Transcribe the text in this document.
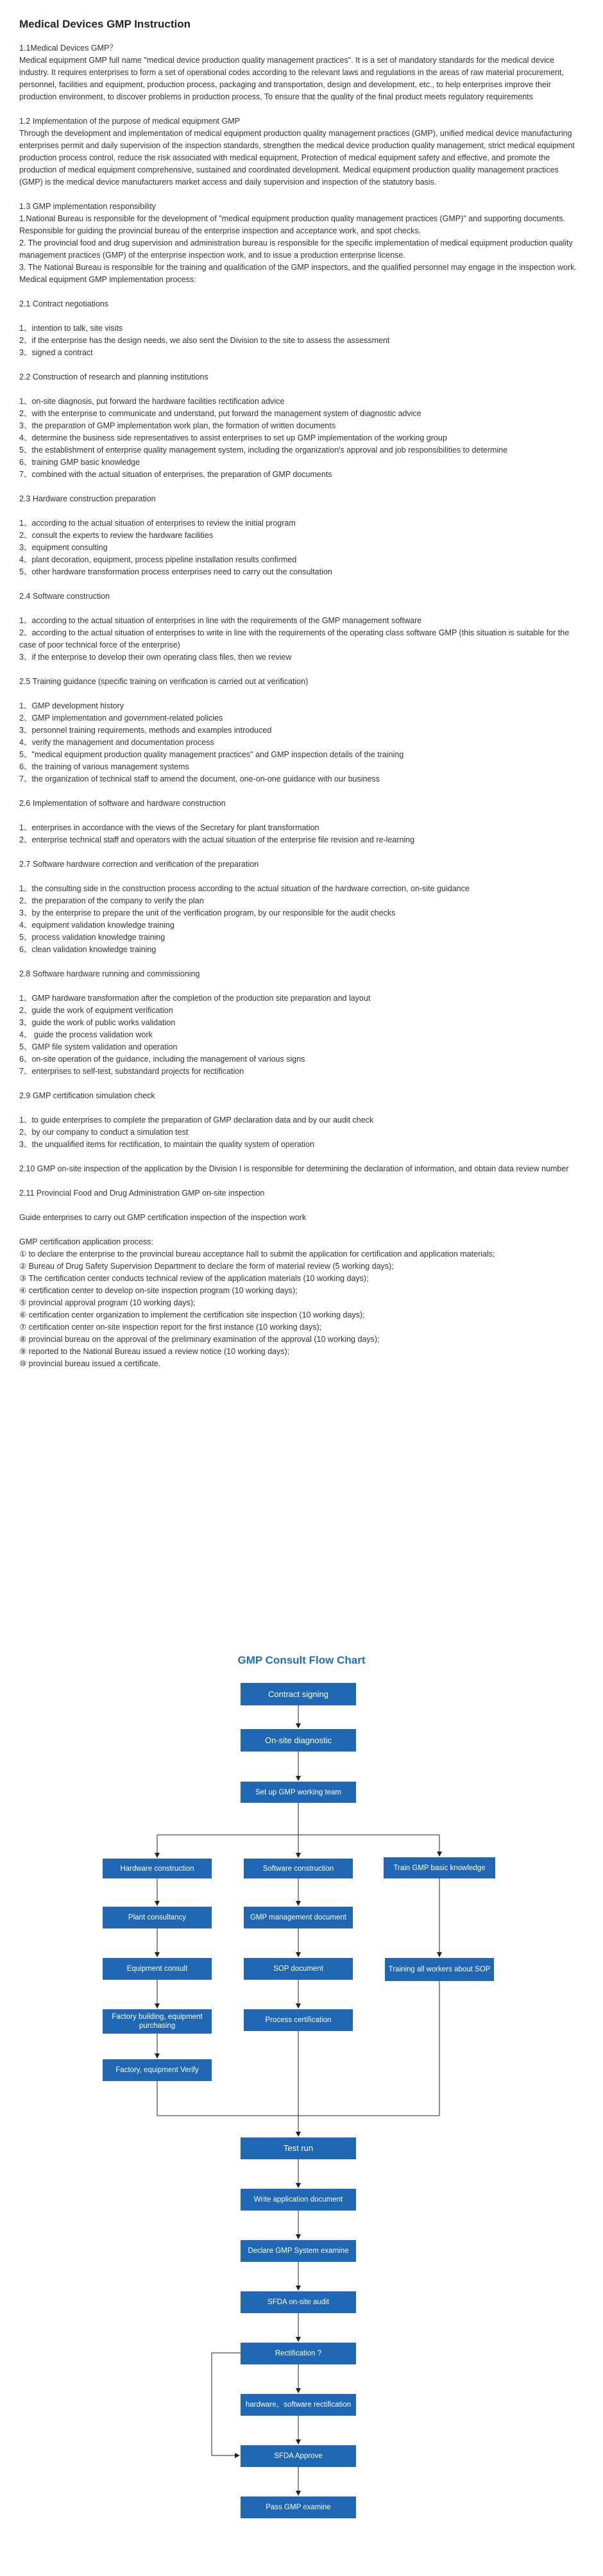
Medical Devices GMP Instruction
1.1Medical Devices GMP？

Medical equipment GMP full name "medical device production quality management practices". It is a set of mandatory standards for the medical device industry. It requires enterprises to form a set of operational codes according to the relevant laws and regulations in the areas of raw material procurement, personnel, facilities and equipment, production process, packaging and transportation, design and development, etc., to help enterprises improve their production environment, to discover problems in production process, To ensure that the quality of the final product meets regulatory requirements

1.2 Implementation of the purpose of medical equipment GMP

Through the development and implementation of medical equipment production quality management practices (GMP), unified medical device manufacturing enterprises permit and daily supervision of the inspection standards, strengthen the medical device production quality management, strict medical equipment production process control, reduce the risk associated with medical equipment, Protection of medical equipment safety and effective, and promote the production of medical equipment comprehensive, sustained and coordinated development. Medical equipment production quality management practices (GMP) is the medical device manufacturers market access and daily supervision and inspection of the statutory basis.

1.3 GMP implementation responsibility
1.National Bureau is responsible for the development of "medical equipment production quality management practices (GMP)" and supporting documents. Responsible for guiding the provincial bureau of the enterprise inspection and acceptance work, and spot checks.
2. The provincial food and drug supervision and administration bureau is responsible for the specific implementation of medical equipment production quality management practices (GMP) of the enterprise inspection work, and to issue a production enterprise license.
3. The National Bureau is responsible for the training and qualification of the GMP inspectors, and the qualified personnel may engage in the inspection work.
Medical equipment GMP implementation process:
2.1 Contract negotiations
1、intention to talk, site visits
2、if the enterprise has the design needs, we also sent the Division to the site to assess the assessment
3、signed a contract
2.2 Construction of research and planning institutions
1、on-site diagnosis, put forward the hardware facilities rectification advice
2、with the enterprise to communicate and understand, put forward the management system of diagnostic advice
3、the preparation of GMP implementation work plan, the formation of written documents
4、determine the business side representatives to assist enterprises to set up GMP implementation of the working group
5、the establishment of enterprise quality management system, including the organization's approval and job responsibilities to determine
6、training GMP basic knowledge
7、combined with the actual situation of enterprises, the preparation of GMP documents
2.3 Hardware construction preparation
1、according to the actual situation of enterprises to review the initial program
2、consult the experts to review the hardware facilities
3、equipment consulting
4、plant decoration, equipment, process pipeline installation results confirmed
5、other hardware transformation process enterprises need to carry out the consultation
2.4 Software construction
1、according to the actual situation of enterprises in line with the requirements of the GMP management software
2、according to the actual situation of enterprises to write in line with the requirements of the operating class software GMP (this situation is suitable for the case of poor technical force of the enterprise)
3、if the enterprise to develop their own operating class files, then we review
2.5 Training guidance (specific training on verification is carried out at verification)
1、GMP development history
2、GMP implementation and government-related policies
3、personnel training requirements, methods and examples introduced
4、verify the management and documentation process
5、"medical equipment production quality management practices" and GMP inspection details of the training
6、the training of various management systems
7、the organization of technical staff to amend the document, one-on-one guidance with our business
2.6 Implementation of software and hardware construction
1、enterprises in accordance with the views of the Secretary for plant transformation
2、enterprise technical staff and operators with the actual situation of the enterprise file revision and re-learning
2.7 Software hardware correction and verification of the preparation
1、the consulting side in the construction process according to the actual situation of the hardware correction, on-site guidance
2、the preparation of the company to verify the plan
3、by the enterprise to prepare the unit of the verification program, by our responsible for the audit checks
4、equipment validation knowledge training
5、process validation knowledge training
6、clean validation knowledge training
2.8 Software hardware running and commissioning
1、GMP hardware transformation after the completion of the production site preparation and layout
2、guide the work of equipment verification
3、guide the work of public works validation
4、 guide the process validation work
5、GMP file system validation and operation
6、on-site operation of the guidance, including the management of various signs
7、enterprises to self-test, substandard projects for rectification
2.9 GMP certification simulation check
1、to guide enterprises to complete the preparation of GMP declaration data and by our audit check
2、by our company to conduct a simulation test
3、the unqualified items for rectification, to maintain the quality system of operation
2.10 GMP on-site inspection of the application by the Division I is responsible for determining the declaration of information, and obtain data review number
2.11 Provincial Food and Drug Administration GMP on-site inspection
Guide enterprises to carry out GMP certification inspection of the inspection work
GMP certification application process:
① to declare the enterprise to the provincial bureau acceptance hall to submit the application for certification and application materials;
② Bureau of Drug Safety Supervision Department to declare the form of material review (5 working days);
③ The certification center conducts technical review of the application materials (10 working days);
④ certification center to develop on-site inspection program (10 working days);
⑤ provincial approval program (10 working days);
⑥ certification center organization to implement the certification site inspection (10 working days);
⑦ certification center on-site inspection report for the first instance (10 working days);
⑧ provincial bureau on the approval of the preliminary examination of the approval (10 working days);
⑨ reported to the National Bureau issued a review notice (10 working days);
⑩ provincial bureau issued a certificate.
GMP Consult Flow Chart
Contract signing
On-site diagnostic
Set up GMP working team
Hardware construction	Software construction	Train GMP basic knowledge
Plant consultancy	GMP management document
Equipment consult	SOP document	Training all workers about SOP
Factory building, equipment purchasing
Process certification
Factory, equipment Verify
Test run
Write application document
Declare GMP System examine
SFDA on-site audit
Rectification ?
hardware、software rectification
SFDA Approve
Pass GMP examine
